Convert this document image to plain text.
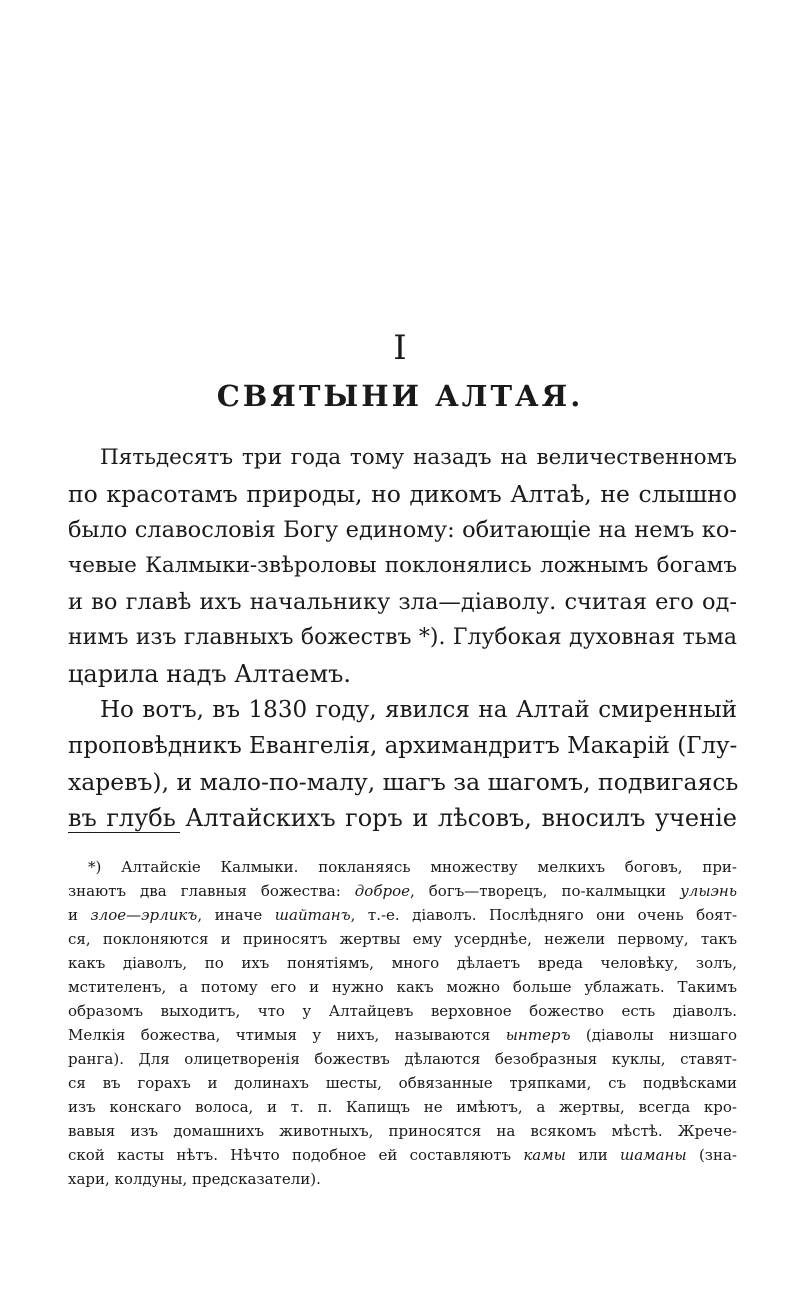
I
СВЯТЫНИ АЛТАЯ.
Пятьдесятъ три года тому назадъ на величественномъ
по красотамъ природы, но дикомъ Алтаѣ, не слышно
было славословія Богу единому: обитающіе на немъ ко-
чевые Калмыки-звѣроловы поклонялись ложнымъ богамъ
и во главѣ ихъ начальнику зла—діаволу. считая его од-
нимъ изъ главныхъ божествъ *). Глубокая духовная тьма
царила надъ Алтаемъ.
Но вотъ, въ 1830 году, явился на Алтай смиренный
проповѣдникъ Евангелія, архимандритъ Макарій (Глу-
харевъ), и мало-по-малу, шагъ за шагомъ, подвигаясь
въ глубь Алтайскихъ горъ и лѣсовъ, вносилъ ученіе
*) Алтайскіе Калмыки. покланяясь множеству мелкихъ боговъ, при-
знаютъ два главныя божества: доброе, богъ—творецъ, по-калмыцки улыэнь
и злое—эрликъ, иначе шайтанъ, т.-е. діаволъ. Послѣдняго они очень боят-
ся, поклоняются и приносятъ жертвы ему усерднѣе, нежели первому, такъ
какъ діаволъ, по ихъ понятіямъ, много дѣлаетъ вреда человѣку, золъ,
мстителенъ, а потому его и нужно какъ можно больше ублажать. Такимъ
образомъ выходитъ, что у Алтайцевъ верховное божество есть діаволъ.
Мелкія божества, чтимыя у нихъ, называются ынтеръ (діаволы низшаго
ранга). Для олицетворенія божествъ дѣлаются безобразныя куклы, ставят-
ся въ горахъ и долинахъ шесты, обвязанные тряпками, съ подвѣсками
изъ конскаго волоса, и т. п. Капищъ не имѣютъ, а жертвы, всегда кро-
вавыя изъ домашнихъ животныхъ, приносятся на всякомъ мѣстѣ. Жрече-
ской касты нѣтъ. Нѣчто подобное ей составляютъ камы или шаманы (зна-
хари, колдуны, предсказатели).
